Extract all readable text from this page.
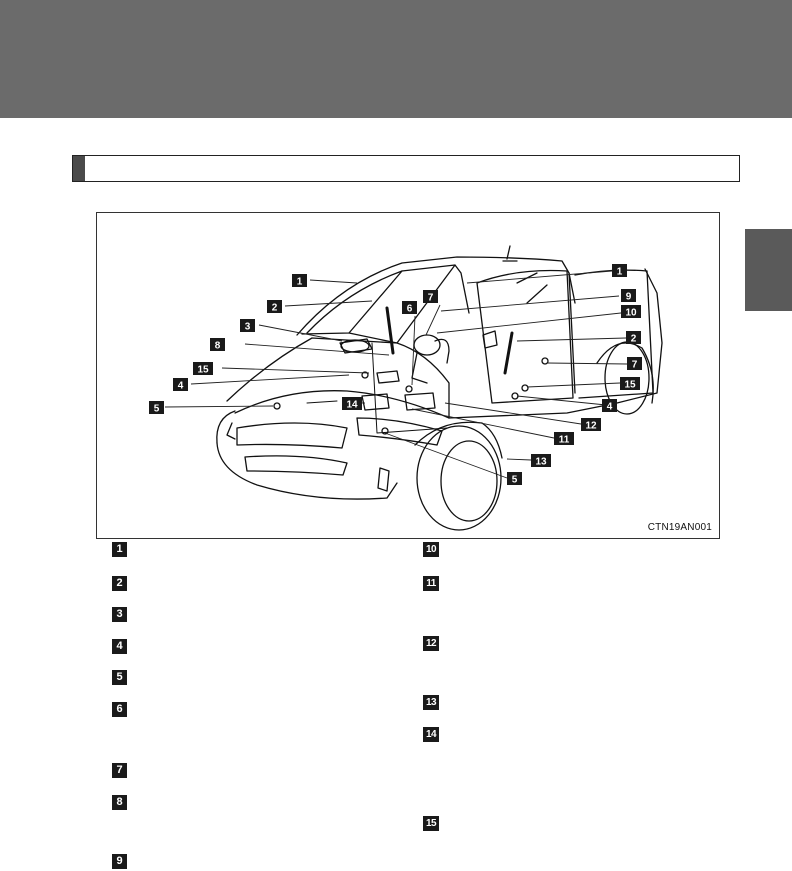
1
2
3
6
7	9
8
15
4
5	14
1
10
2
7
15
4
12
11
13
5
CTN19AN001
1
2
3
4
5
6
7
8
9
10
11
12
13
14
15
